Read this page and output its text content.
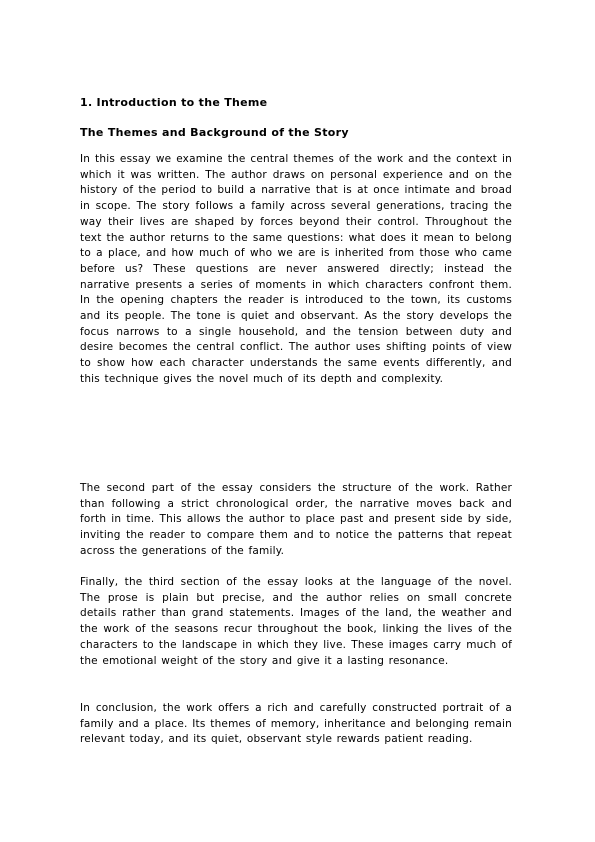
1. Introduction to the Theme
The Themes and Background of the Story
In this essay we examine the central themes of the work and the context in which it was written. The author draws on personal experience and on the history of the period to build a narrative that is at once intimate and broad in scope. The story follows a family across several generations, tracing the way their lives are shaped by forces beyond their control. Throughout the text the author returns to the same questions: what does it mean to belong to a place, and how much of who we are is inherited from those who came before us? These questions are never answered directly; instead the narrative presents a series of moments in which characters confront them. In the opening chapters the reader is introduced to the town, its customs and its people. The tone is quiet and observant. As the story develops the focus narrows to a single household, and the tension between duty and desire becomes the central conflict. The author uses shifting points of view to show how each character understands the same events differently, and this technique gives the novel much of its depth and complexity.
The second part of the essay considers the structure of the work. Rather than following a strict chronological order, the narrative moves back and forth in time. This allows the author to place past and present side by side, inviting the reader to compare them and to notice the patterns that repeat across the generations of the family.
Finally, the third section of the essay looks at the language of the novel. The prose is plain but precise, and the author relies on small concrete details rather than grand statements. Images of the land, the weather and the work of the seasons recur throughout the book, linking the lives of the characters to the landscape in which they live. These images carry much of the emotional weight of the story and give it a lasting resonance.
In conclusion, the work offers a rich and carefully constructed portrait of a family and a place. Its themes of memory, inheritance and belonging remain relevant today, and its quiet, observant style rewards patient reading.
